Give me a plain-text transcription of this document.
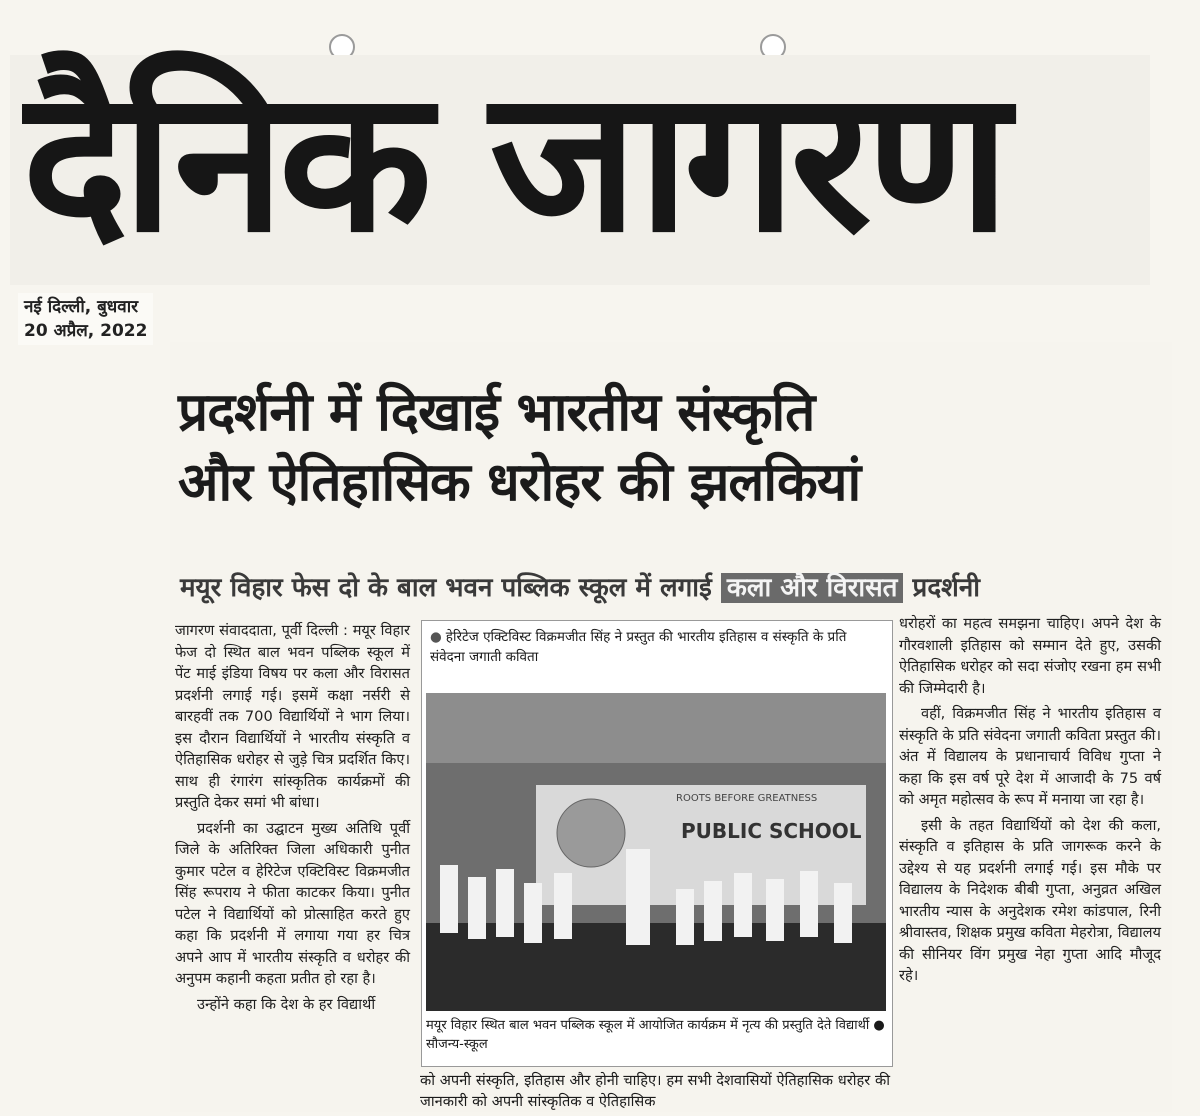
दैनिक जागरण
नई दिल्ली, बुधवार
20 अप्रैल, 2022
प्रदर्शनी में दिखाई भारतीय संस्कृति
और ऐतिहासिक धरोहर की झलकियां
मयूर विहार फेस दो के बाल भवन पब्लिक स्कूल में लगाई कला और विरासत प्रदर्शनी

जागरण संवाददाता, पूर्वी दिल्ली : मयूर विहार फेज दो स्थित बाल भवन पब्लिक स्कूल में पेंट माई इंडिया विषय पर कला और विरासत प्रदर्शनी लगाई गई। इसमें कक्षा नर्सरी से बारहवीं तक 700 विद्यार्थियों ने भाग लिया। इस दौरान विद्यार्थियों ने भारतीय संस्कृति व ऐतिहासिक धरोहर से जुड़े चित्र प्रदर्शित किए। साथ ही रंगारंग सांस्कृतिक कार्यक्रमों की प्रस्तुति देकर समां भी बांधा।

प्रदर्शनी का उद्घाटन मुख्य अतिथि पूर्वी जिले के अतिरिक्त जिला अधिकारी पुनीत कुमार पटेल व हेरिटेज एक्टिविस्ट विक्रमजीत सिंह रूपराय ने फीता काटकर किया। पुनीत पटेल ने विद्यार्थियों को प्रोत्साहित करते हुए कहा कि प्रदर्शनी में लगाया गया हर चित्र अपने आप में भारतीय संस्कृति व धरोहर की अनुपम कहानी कहता प्रतीत हो रहा है।

उन्होंने कहा कि देश के हर विद्यार्थी

● हेरिटेज एक्टिविस्ट विक्रमजीत सिंह ने प्रस्तुत की भारतीय इतिहास व संस्कृति के प्रति संवेदना जगाती कविता
ROOTS BEFORE GREATNESS
PUBLIC SCHOOL
मयूर विहार स्थित बाल भवन पब्लिक स्कूल में आयोजित कार्यक्रम में नृत्य की प्रस्तुति देते विद्यार्थी ● सौजन्य-स्कूल
को अपनी संस्कृति, इतिहास और होनी चाहिए। हम सभी देशवासियों ऐतिहासिक धरोहर की जानकारी को अपनी सांस्कृतिक व ऐतिहासिक

धरोहरों का महत्व समझना चाहिए। अपने देश के गौरवशाली इतिहास को सम्मान देते हुए, उसकी ऐतिहासिक धरोहर को सदा संजोए रखना हम सभी की जिम्मेदारी है।

वहीं, विक्रमजीत सिंह ने भारतीय इतिहास व संस्कृति के प्रति संवेदना जगाती कविता प्रस्तुत की। अंत में विद्यालय के प्रधानाचार्य विविध गुप्ता ने कहा कि इस वर्ष पूरे देश में आजादी के 75 वर्ष को अमृत महोत्सव के रूप में मनाया जा रहा है।

इसी के तहत विद्यार्थियों को देश की कला, संस्कृति व इतिहास के प्रति जागरूक करने के उद्देश्य से यह प्रदर्शनी लगाई गई। इस मौके पर विद्यालय के निदेशक बीबी गुप्ता, अनुव्रत अखिल भारतीय न्यास के अनुदेशक रमेश कांडपाल, रिनी श्रीवास्तव, शिक्षक प्रमुख कविता मेहरोत्रा, विद्यालय की सीनियर विंग प्रमुख नेहा गुप्ता आदि मौजूद रहे।
